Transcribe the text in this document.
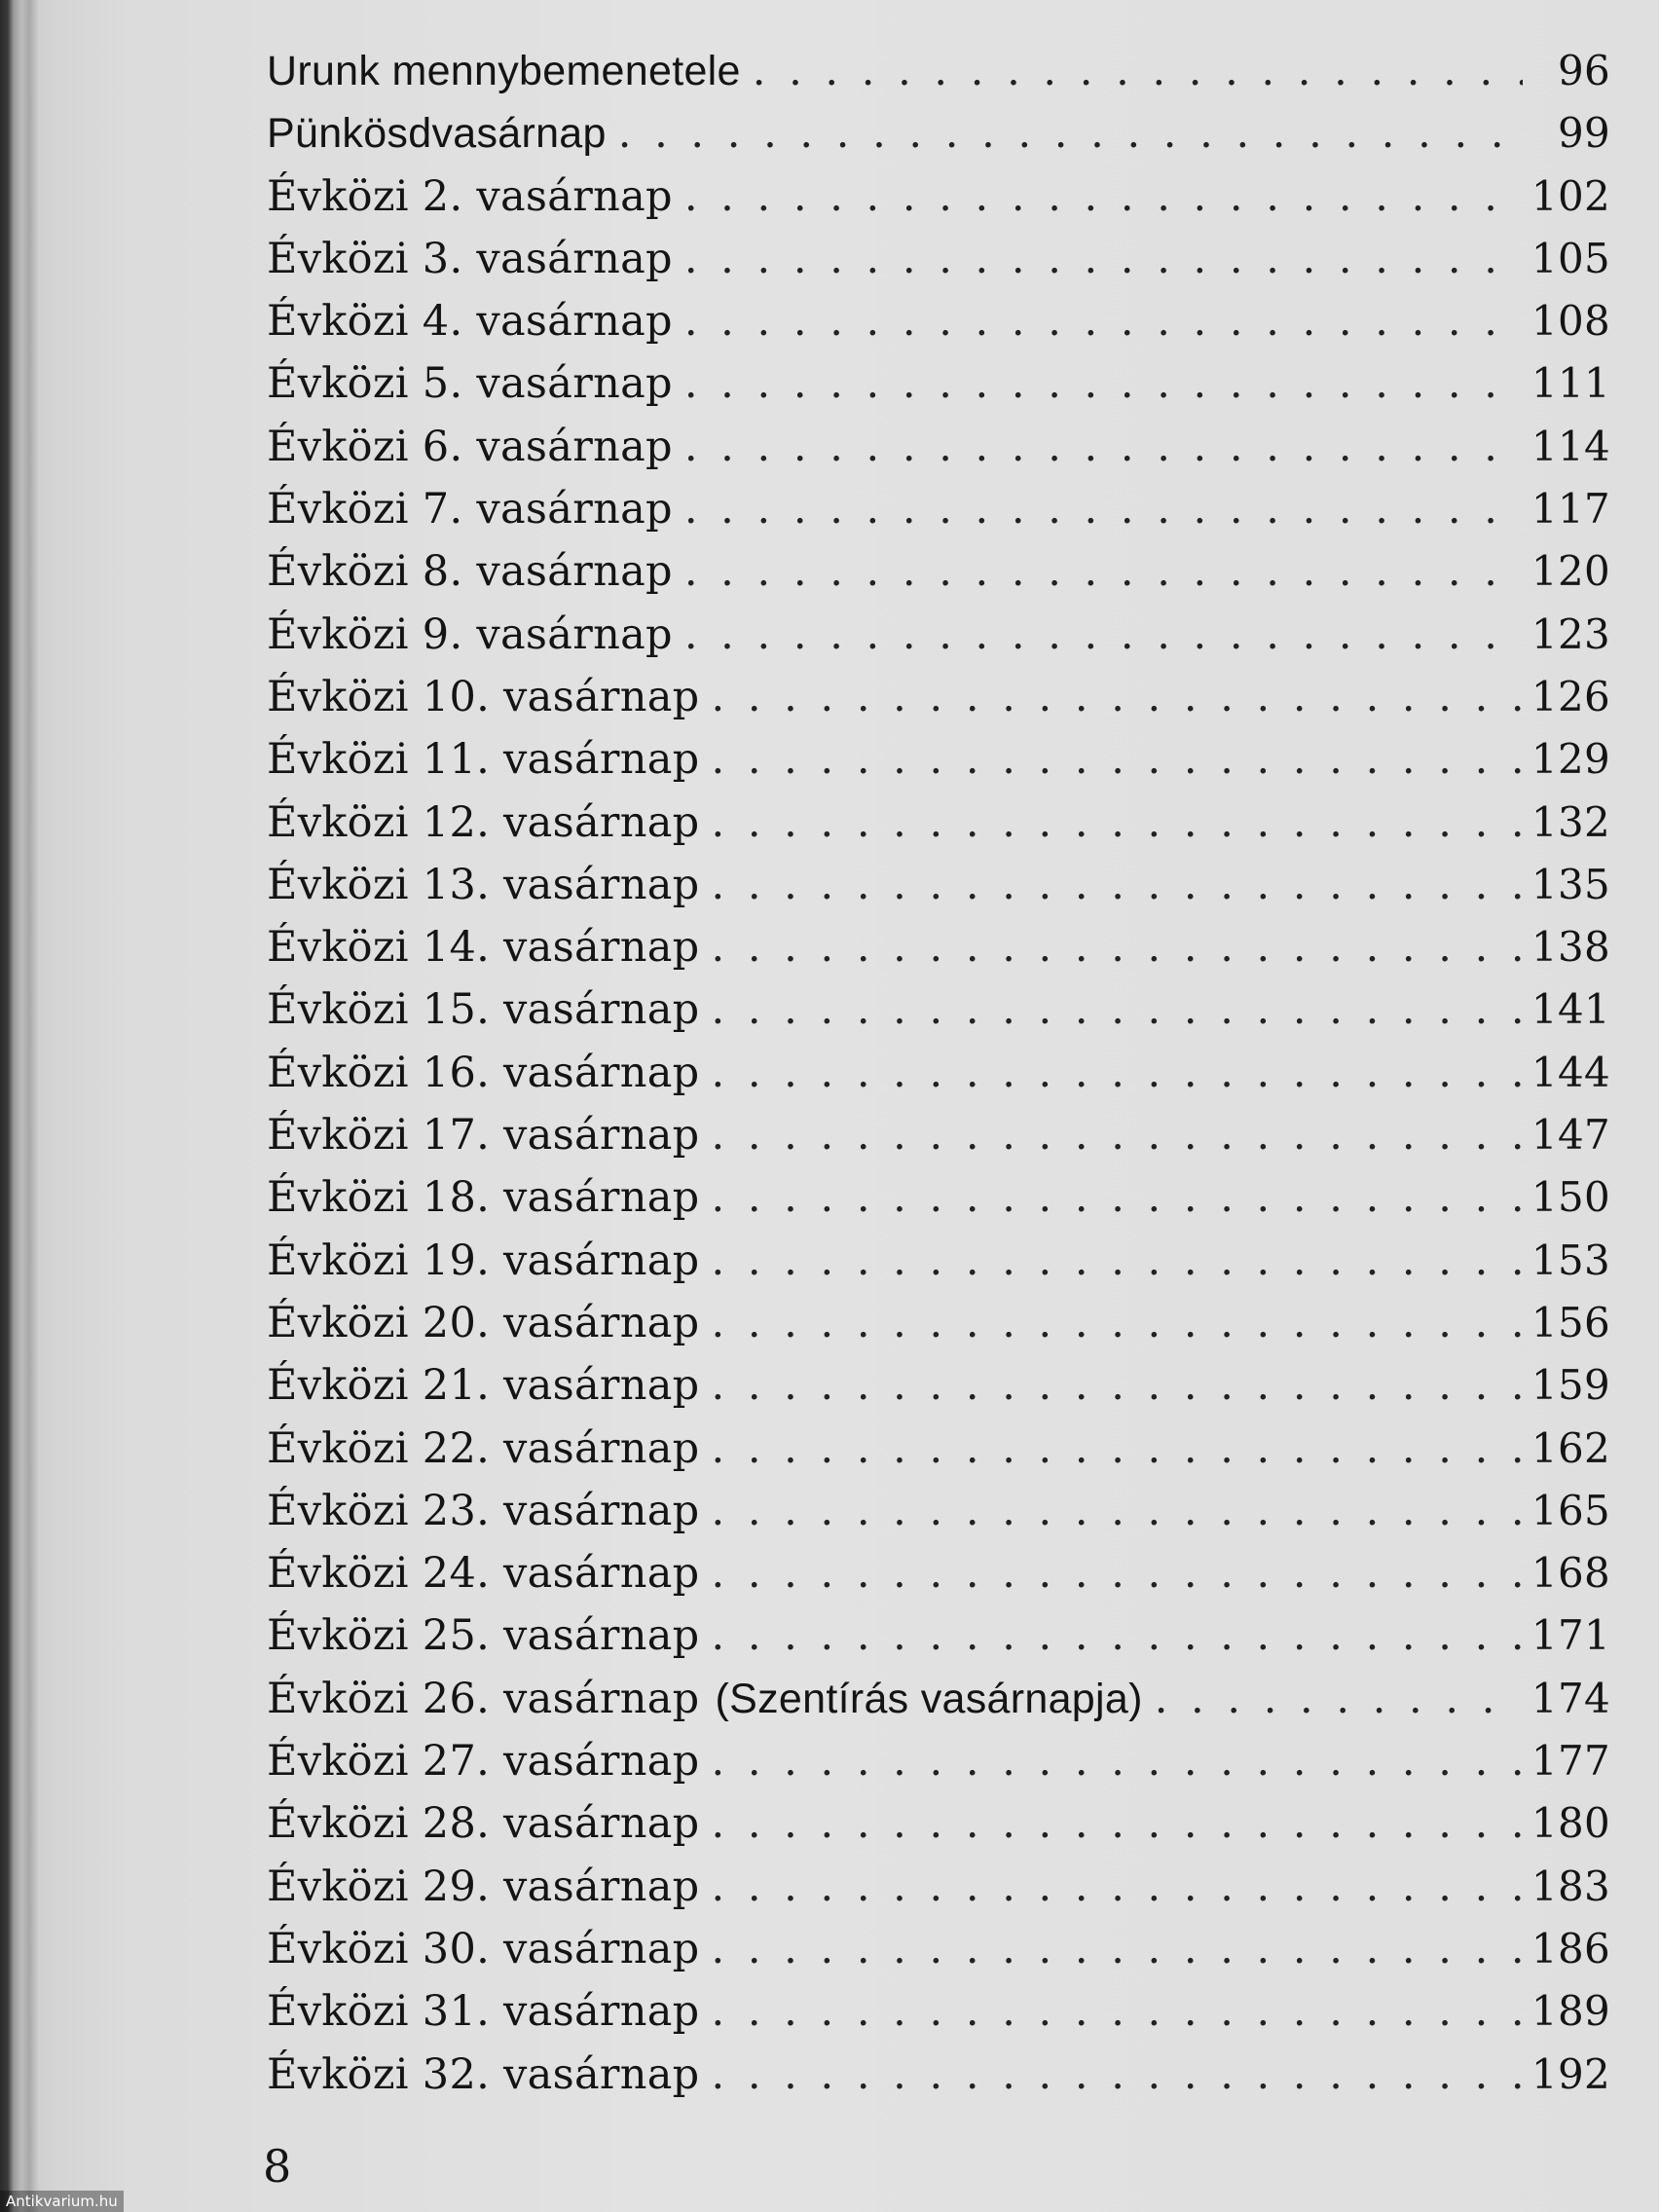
Urunk mennybemenetele . . .	96
Pünkösdvasárnap . . .	99
Évközi 2. vasárnap . . .	102
Évközi 3. vasárnap . . .	105
Évközi 4. vasárnap . . .	108
Évközi 5. vasárnap . . .	111
Évközi 6. vasárnap . . .	114
Évközi 7. vasárnap . . .	117
Évközi 8. vasárnap . . .	120
Évközi 9. vasárnap . . .	123
Évközi 10. vasárnap . . .	126
Évközi 11. vasárnap . . .	129
Évközi 12. vasárnap . . .	132
Évközi 13. vasárnap . . .	135
Évközi 14. vasárnap . . .	138
Évközi 15. vasárnap . . .	141
Évközi 16. vasárnap . . .	144
Évközi 17. vasárnap . . .	147
Évközi 18. vasárnap . . .	150
Évközi 19. vasárnap . . .	153
Évközi 20. vasárnap . . .	156
Évközi 21. vasárnap . . .	159
Évközi 22. vasárnap . . .	162
Évközi 23. vasárnap . . .	165
Évközi 24. vasárnap . . .	168
Évközi 25. vasárnap . . .	171
Évközi 26. vasárnap (Szentírás vasárnapja) . . .	174
Évközi 27. vasárnap . . .	177
Évközi 28. vasárnap . . .	180
Évközi 29. vasárnap . . .	183
Évközi 30. vasárnap . . .	186
Évközi 31. vasárnap . . .	189
Évközi 32. vasárnap . . .	192
8
Antikvarium.hu
